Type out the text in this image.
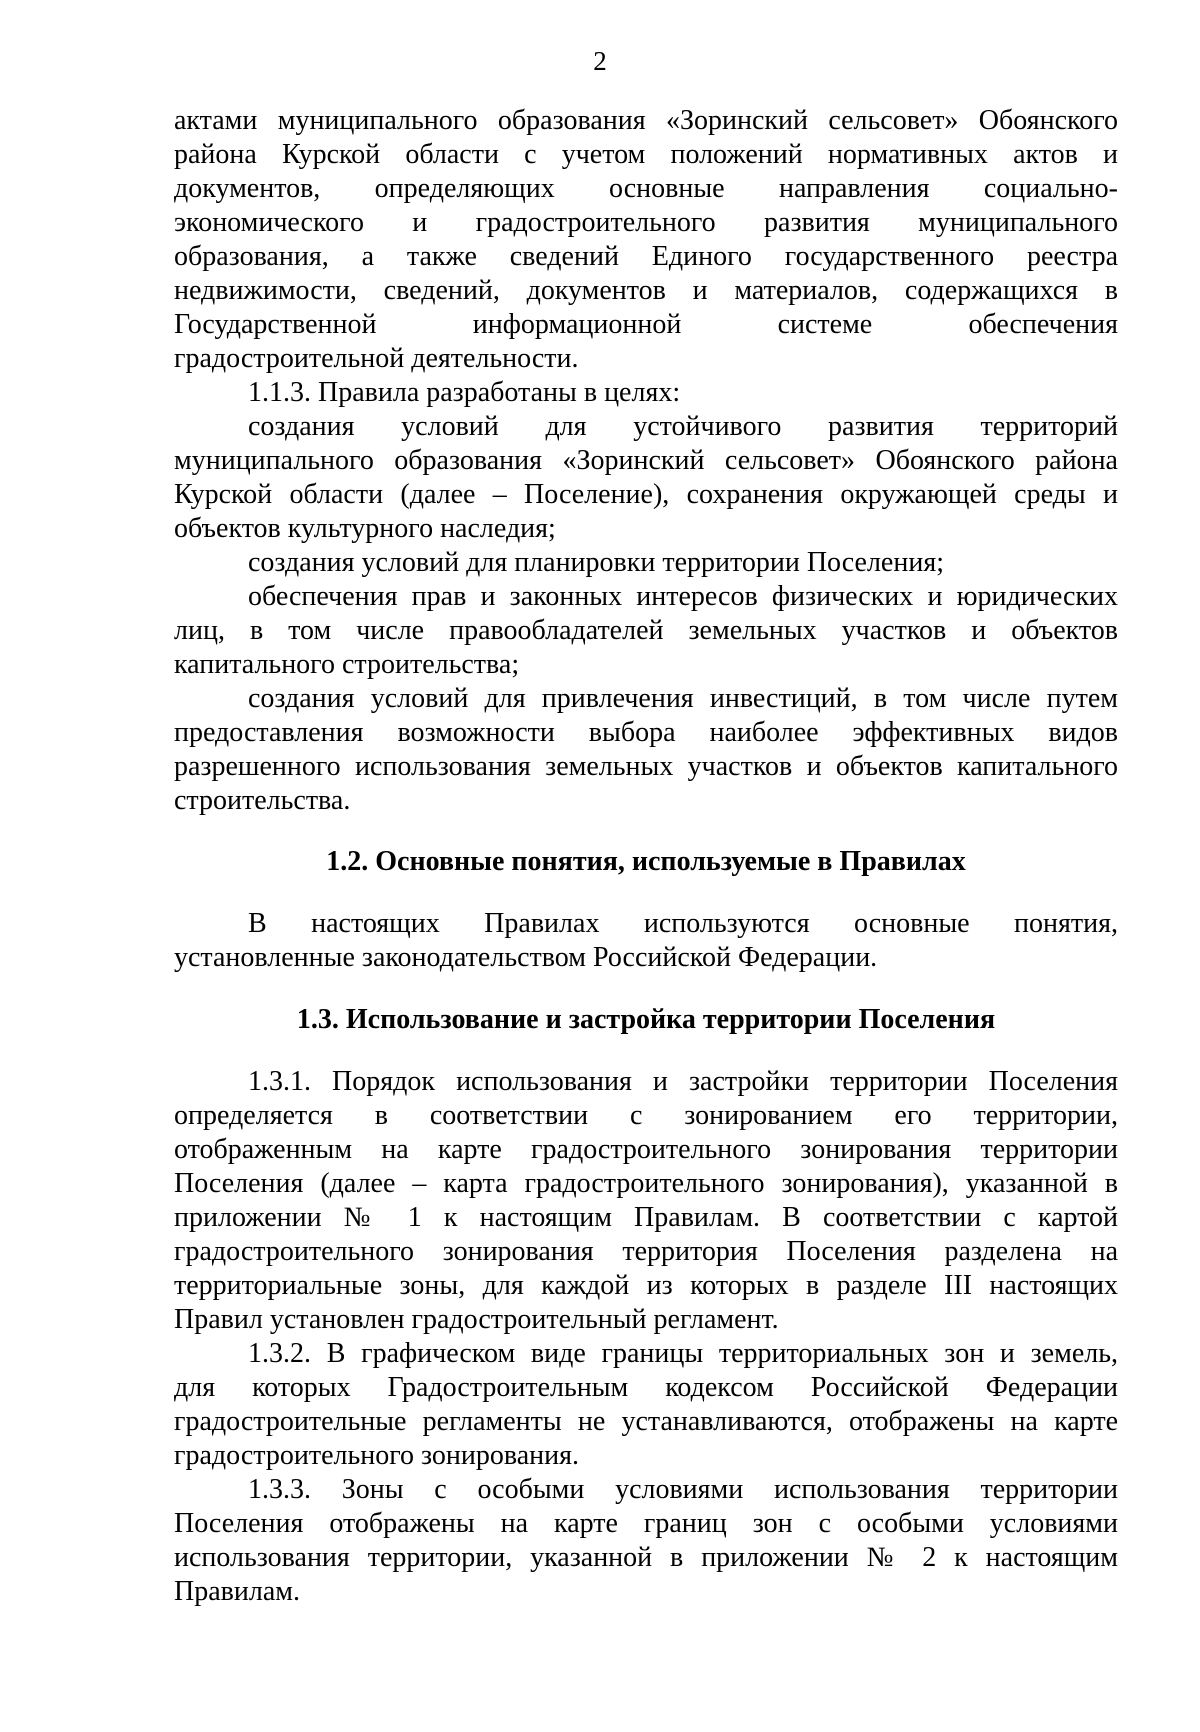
2
актами муниципального образования «Зоринский сельсовет» Обоянского
района Курской области с учетом положений нормативных актов и
документов, определяющих основные направления социально-
экономического и градостроительного развития муниципального
образования, а также сведений Единого государственного реестра
недвижимости, сведений, документов и материалов, содержащихся в
Государственной информационной системе обеспечения
градостроительной деятельности.
1.1.3. Правила разработаны в целях:
создания условий для устойчивого развития территорий
муниципального образования «Зоринский сельсовет» Обоянского района
Курской области (далее – Поселение), сохранения окружающей среды и
объектов культурного наследия;
создания условий для планировки территории Поселения;
обеспечения прав и законных интересов физических и юридических
лиц, в том числе правообладателей земельных участков и объектов
капитального строительства;
создания условий для привлечения инвестиций, в том числе путем
предоставления возможности выбора наиболее эффективных видов
разрешенного использования земельных участков и объектов капитального
строительства.
1.2. Основные понятия, используемые в Правилах
В настоящих Правилах используются основные понятия,
установленные законодательством Российской Федерации.
1.3. Использование и застройка территории Поселения
1.3.1. Порядок использования и застройки территории Поселения
определяется в соответствии с зонированием его территории,
отображенным на карте градостроительного зонирования территории
Поселения (далее – карта градостроительного зонирования), указанной в
приложении № 1 к настоящим Правилам. В соответствии с картой
градостроительного зонирования территория Поселения разделена на
территориальные зоны, для каждой из которых в разделе III настоящих
Правил установлен градостроительный регламент.
1.3.2. В графическом виде границы территориальных зон и земель,
для которых Градостроительным кодексом Российской Федерации
градостроительные регламенты не устанавливаются, отображены на карте
градостроительного зонирования.
1.3.3. Зоны с особыми условиями использования территории
Поселения отображены на карте границ зон с особыми условиями
использования территории, указанной в приложении № 2 к настоящим
Правилам.
